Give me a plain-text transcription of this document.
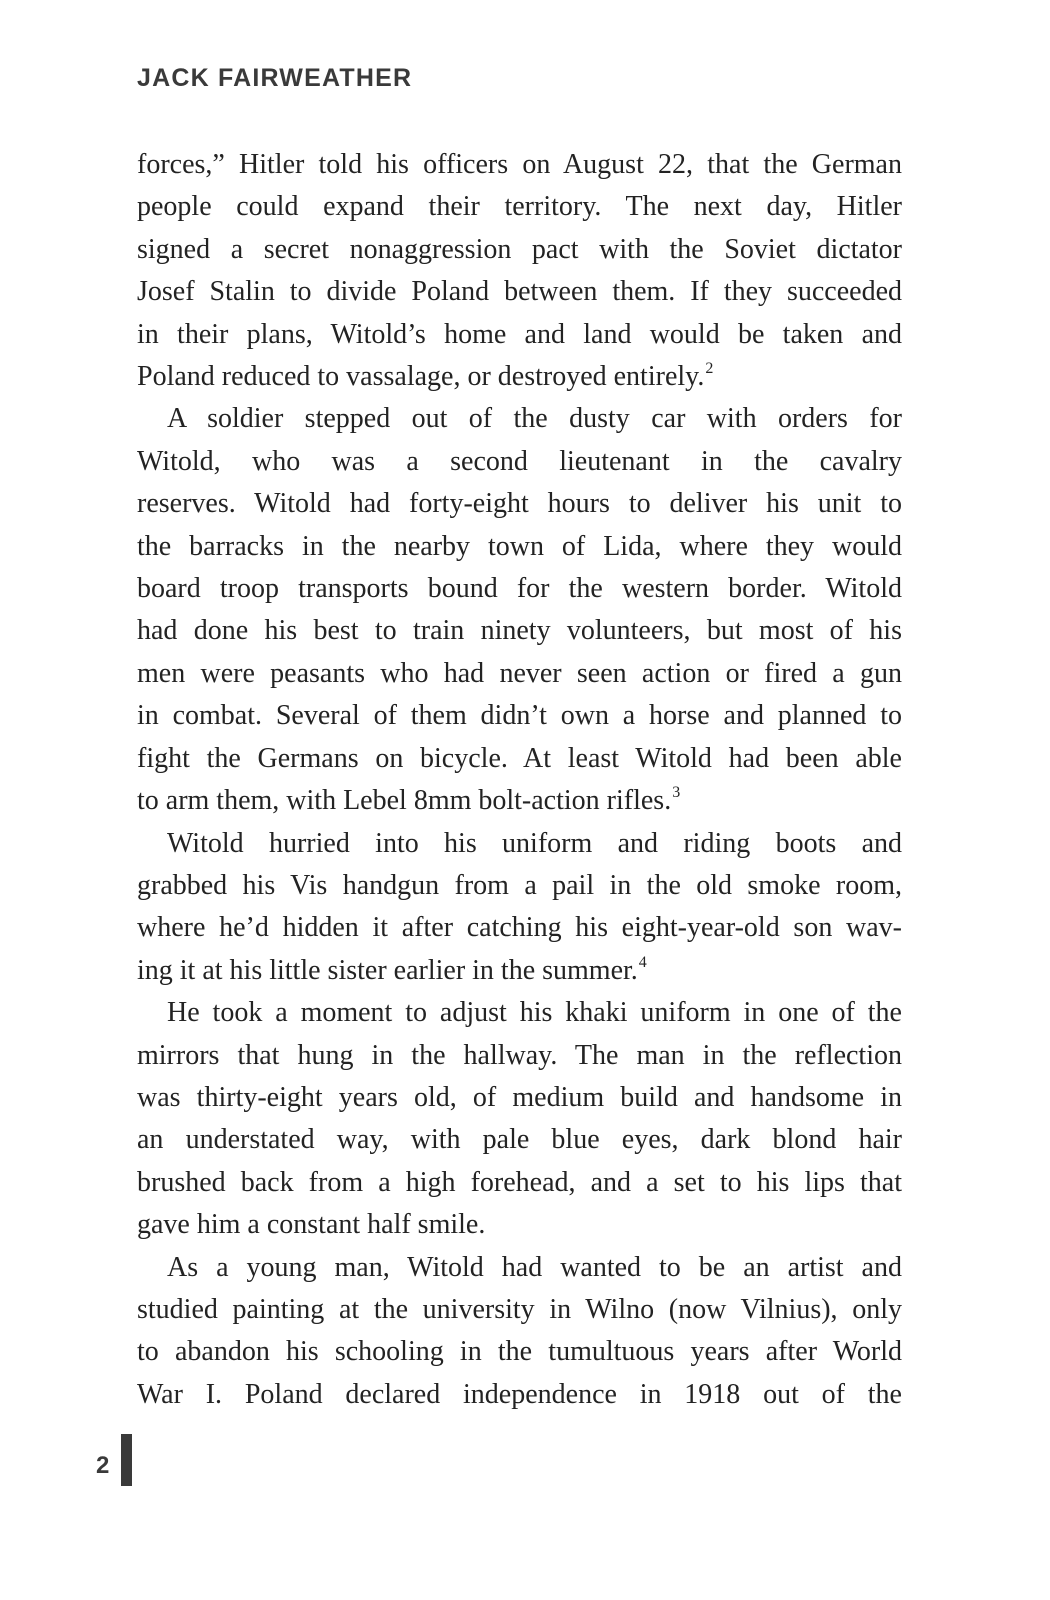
JACK FAIRWEATHER

forces,” Hitler told his officers on August 22, that the German
people could expand their territory. The next day, Hitler
signed a secret nonaggression pact with the Soviet dictator
Josef Stalin to divide Poland between them. If they succeeded
in their plans, Witold’s home and land would be taken and
Poland reduced to vassalage, or destroyed entirely.$^2$

A soldier stepped out of the dusty car with orders for
Witold, who was a second lieutenant in the cavalry
reserves. Witold had forty-eight hours to deliver his unit to
the barracks in the nearby town of Lida, where they would
board troop transports bound for the western border. Witold
had done his best to train ninety volunteers, but most of his
men were peasants who had never seen action or fired a gun
in combat. Several of them didn’t own a horse and planned to
fight the Germans on bicycle. At least Witold had been able
to arm them, with Lebel 8mm bolt-action rifles.$^3$

Witold hurried into his uniform and riding boots and
grabbed his Vis handgun from a pail in the old smoke room,
where he’d hidden it after catching his eight-year-old son wav-
ing it at his little sister earlier in the summer.$^4$

He took a moment to adjust his khaki uniform in one of the
mirrors that hung in the hallway. The man in the reflection
was thirty-eight years old, of medium build and handsome in
an understated way, with pale blue eyes, dark blond hair
brushed back from a high forehead, and a set to his lips that
gave him a constant half smile.

As a young man, Witold had wanted to be an artist and
studied painting at the university in Wilno (now Vilnius), only
to abandon his schooling in the tumultuous years after World
War I. Poland declared independence in 1918 out of the

2
